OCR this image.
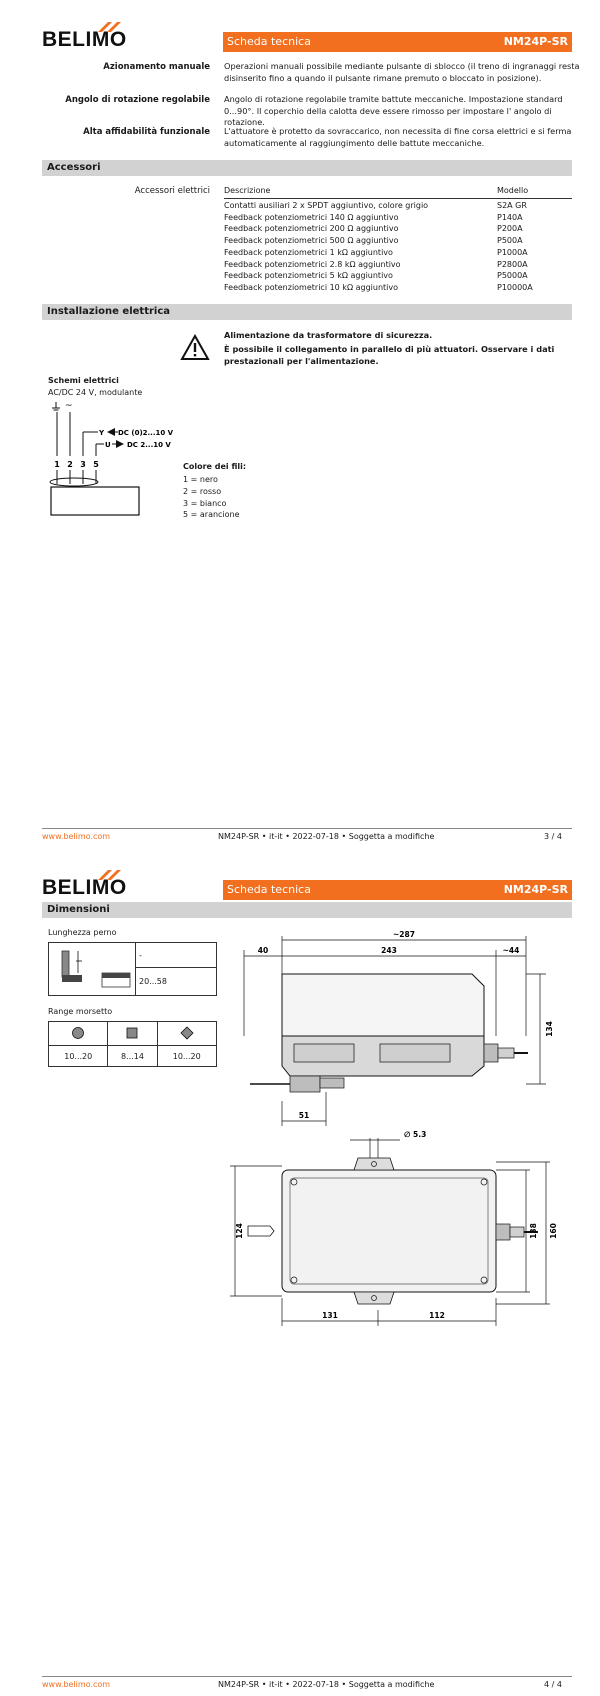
BELIMO	Scheda tecnica	NM24P-SR
Azionamento manuale Operazioni manuali possibile mediante pulsante di sblocco (il treno di ingranaggi resta disinserito fino a quando il pulsante rimane premuto o bloccato in posizione).
Angolo di rotazione regolabile Angolo di rotazione regolabile tramite battute meccaniche. Impostazione standard 0...90°. Il coperchio della calotta deve essere rimosso per impostare l' angolo di rotazione.
Alta affidabilità funzionale L'attuatore è protetto da sovraccarico, non necessita di fine corsa elettrici e si ferma automaticamente al raggiungimento delle battute meccaniche.
Accessori
Accessori elettrici Descrizione	Modello
Contatti ausiliari 2 x SPDT aggiuntivo, colore grigio	S2A GR
Feedback potenziometrici 140 Ω aggiuntivo	P140A
Feedback potenziometrici 200 Ω aggiuntivo	P200A
Feedback potenziometrici 500 Ω aggiuntivo	P500A
Feedback potenziometrici 1 kΩ aggiuntivo	P1000A
Feedback potenziometrici 2.8 kΩ aggiuntivo	P2800A
Feedback potenziometrici 5 kΩ aggiuntivo	P5000A
Feedback potenziometrici 10 kΩ aggiuntivo	P10000A
Installazione elettrica
Alimentazione da trasformatore di sicurezza.
È possibile il collegamento in parallelo di più attuatori. Osservare i dati prestazionali per l'alimentazione.
Schemi elettrici
AC/DC 24 V, modulante
~
Y DC (0)2...10 V
U DC 2...10 V
1 2 3 5	Colore dei fili:
1 = nero
2 = rosso
3 = bianco
5 = arancione
www.belimo.com	NM24P-SR • it-it • 2022-07-18 • Soggetta a modifiche	3 / 4
BELIMO	Scheda tecnica	NM24P-SR
Dimensioni
Lunghezza perno
	-
20...58
Range morsetto

10...20	8...14	10...20
~287
40	243	~44
134
51
∅ 5.3
124	138 160
131	112
www.belimo.com	NM24P-SR • it-it • 2022-07-18 • Soggetta a modifiche	4 / 4
